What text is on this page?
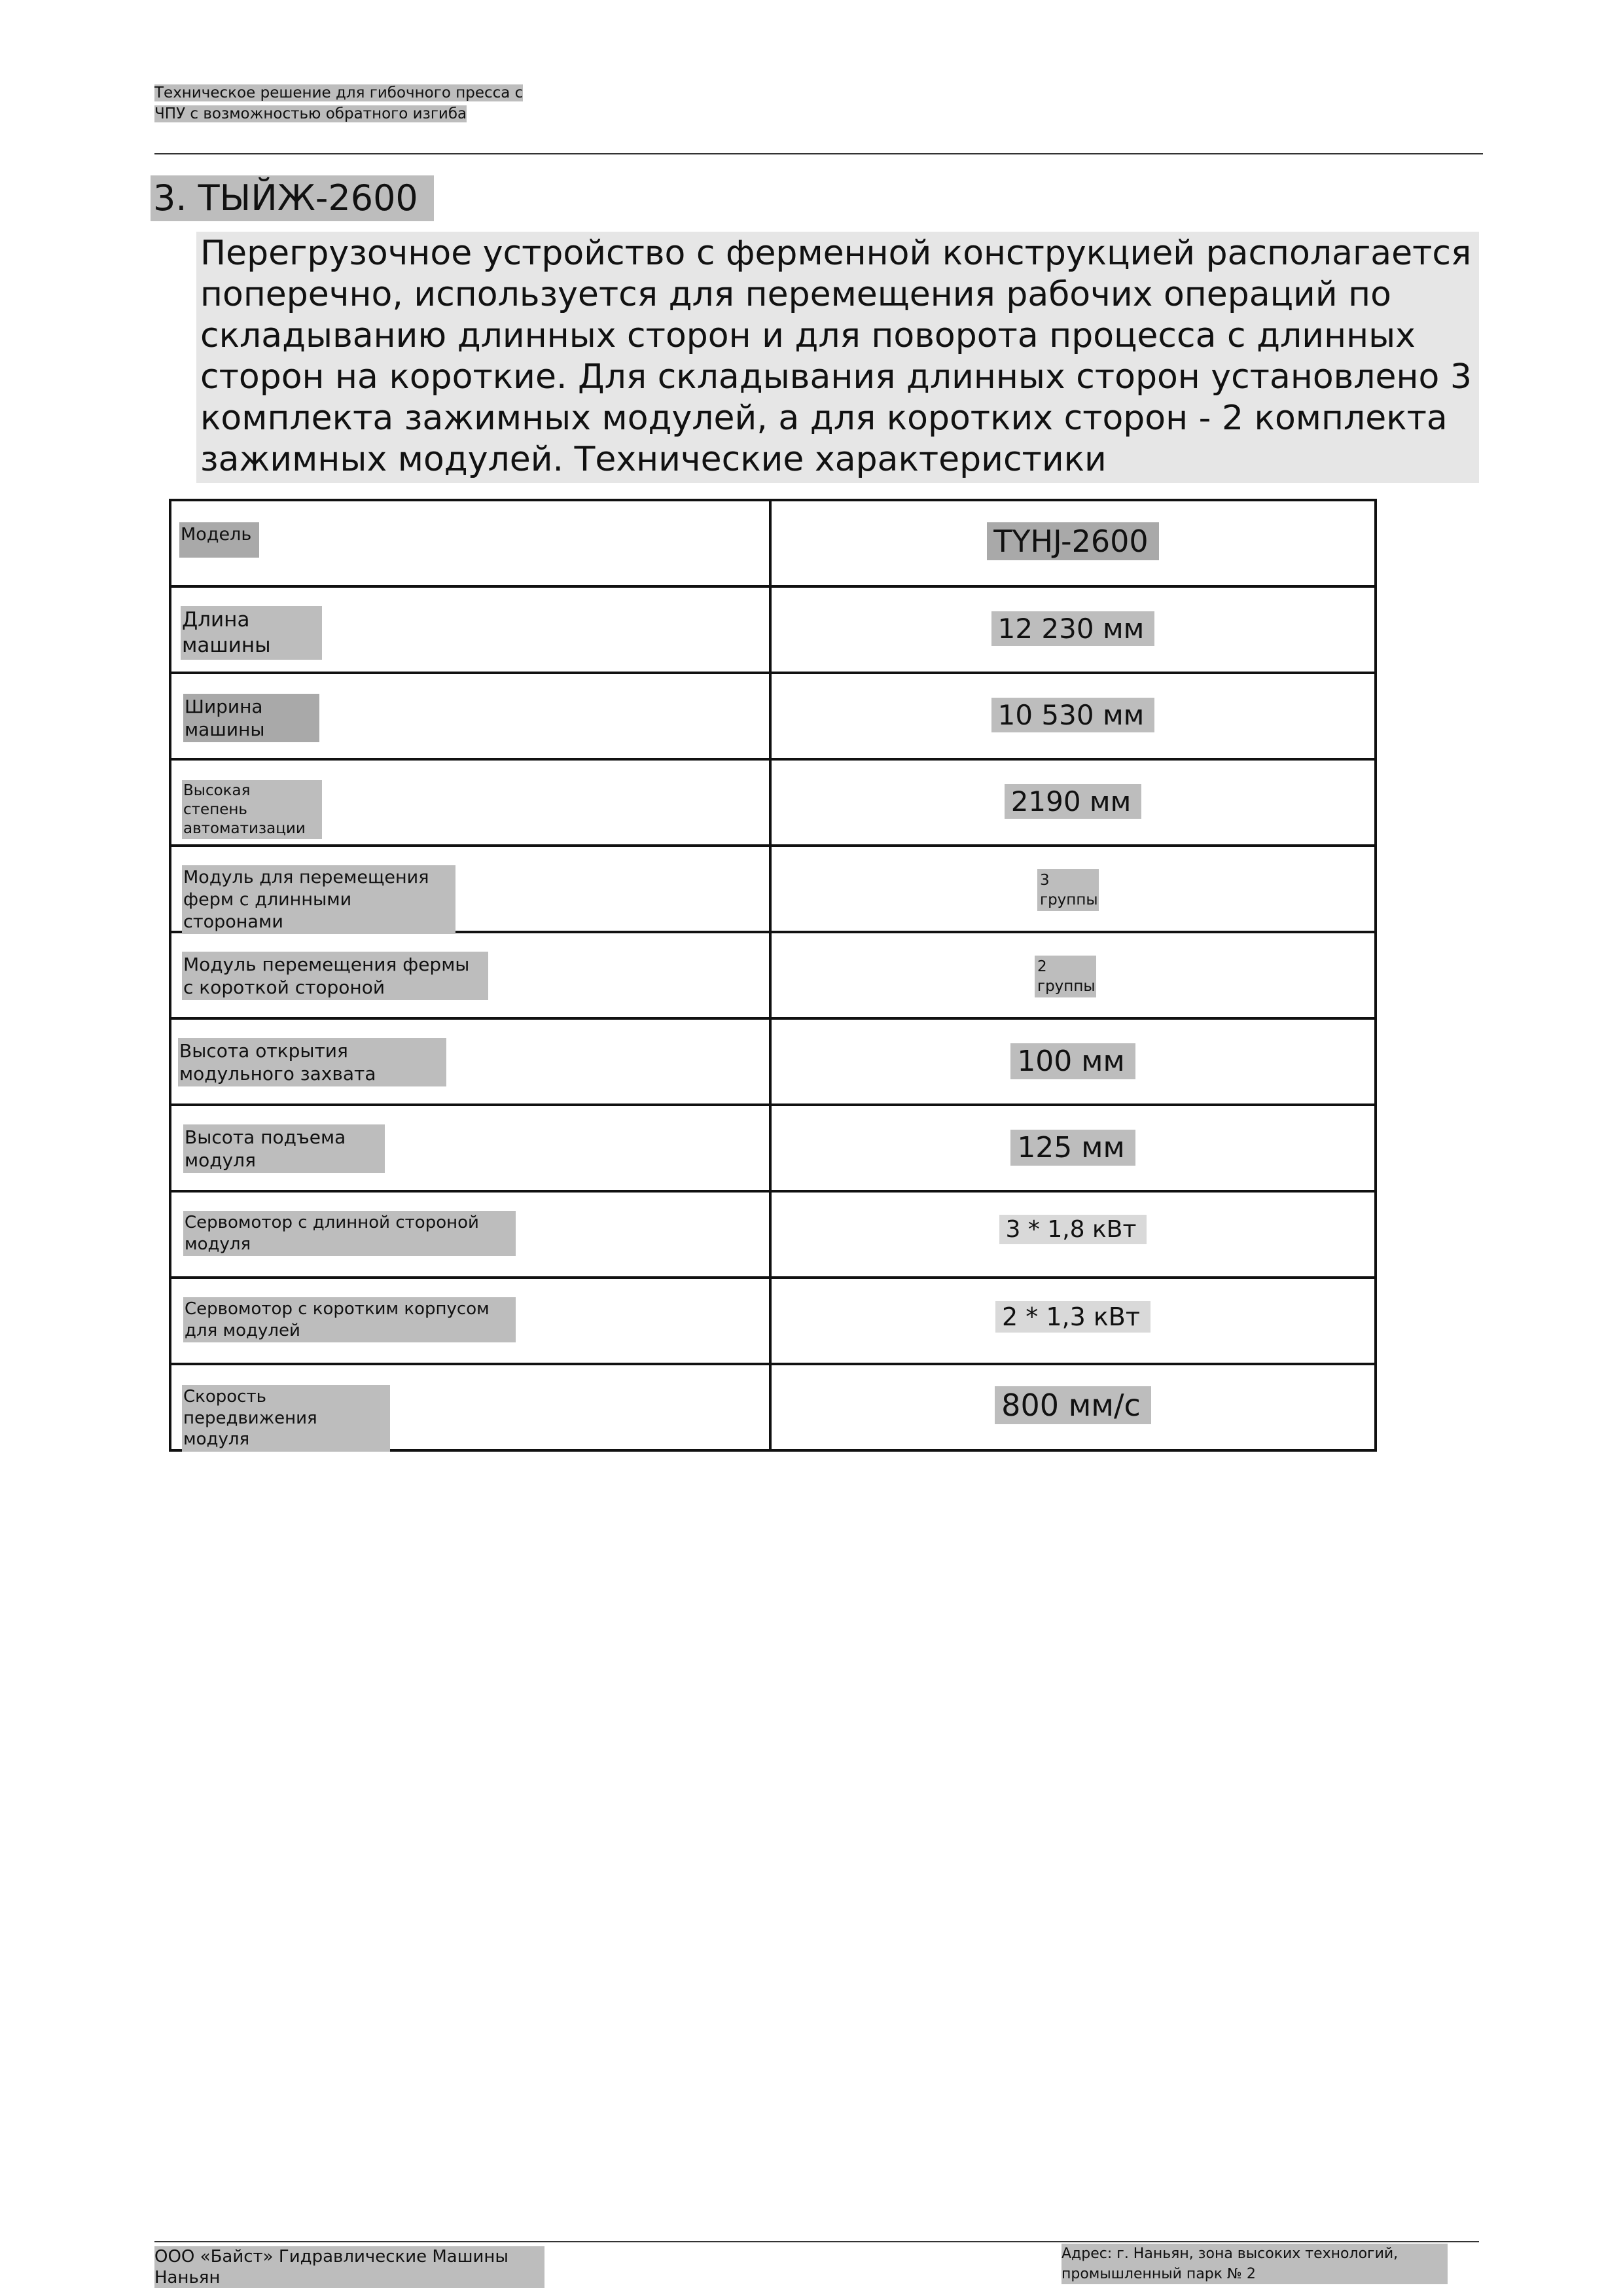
Техническое решение для гибочного пресса с
ЧПУ с возможностью обратного изгиба
3. ТЫЙЖ-2600
Перегрузочное устройство с ферменной конструкцией располагается поперечно, используется для перемещения рабочих операций по складыванию длинных сторон и для поворота процесса с длинных сторон на короткие. Для складывания длинных сторон установлено 3 комплекта зажимных модулей, а для коротких сторон - 2 комплекта зажимных модулей. Технические характеристики
Модель	TYHJ-2600

Длина машины	12 230 мм

Ширина машины	10 530 мм

Высокая степень автоматизации	2190 мм

Модуль для перемещения ферм с длинными сторонами	3 группы

Модуль перемещения фермы с короткой стороной	2 группы

Высота открытия модульного захвата	100 мм

Высота подъема модуля	125 мм

Сервомотор с длинной стороной модуля	3 * 1,8 кВт

Сервомотор с коротким корпусом для модулей	2 * 1,3 кВт

Скорость передвижения модуля	800 мм/с
ООО «Байст» Гидравлические Машины Наньян
Адрес: г. Наньян, зона высоких технологий, промышленный парк № 2
